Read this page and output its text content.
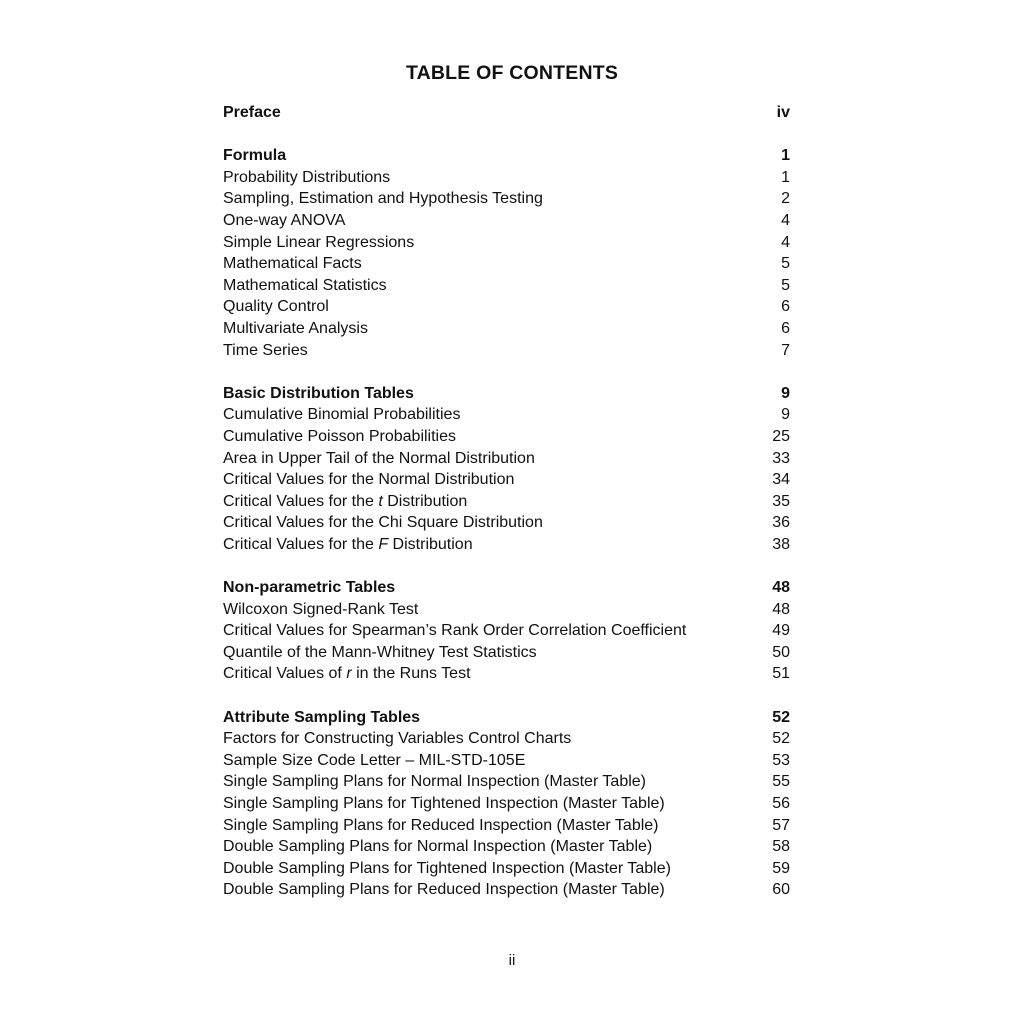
TABLE OF CONTENTS
Preface	iv
Formula	1
Probability Distributions	1
Sampling, Estimation and Hypothesis Testing	2
One-way ANOVA	4
Simple Linear Regressions	4
Mathematical Facts	5
Mathematical Statistics	5
Quality Control	6
Multivariate Analysis	6
Time Series	7
Basic Distribution Tables	9
Cumulative Binomial Probabilities	9
Cumulative Poisson Probabilities	25
Area in Upper Tail of the Normal Distribution	33
Critical Values for the Normal Distribution	34
Critical Values for the t Distribution	35
Critical Values for the Chi Square Distribution	36
Critical Values for the F Distribution	38
Non-parametric Tables	48
Wilcoxon Signed-Rank Test	48
Critical Values for Spearman’s Rank Order Correlation Coefficient	49
Quantile of the Mann-Whitney Test Statistics	50
Critical Values of r in the Runs Test	51
Attribute Sampling Tables	52
Factors for Constructing Variables Control Charts	52
Sample Size Code Letter – MIL-STD-105E	53
Single Sampling Plans for Normal Inspection (Master Table)	55
Single Sampling Plans for Tightened Inspection (Master Table)	56
Single Sampling Plans for Reduced Inspection (Master Table)	57
Double Sampling Plans for Normal Inspection (Master Table)	58
Double Sampling Plans for Tightened Inspection (Master Table)	59
Double Sampling Plans for Reduced Inspection (Master Table)	60
ii
